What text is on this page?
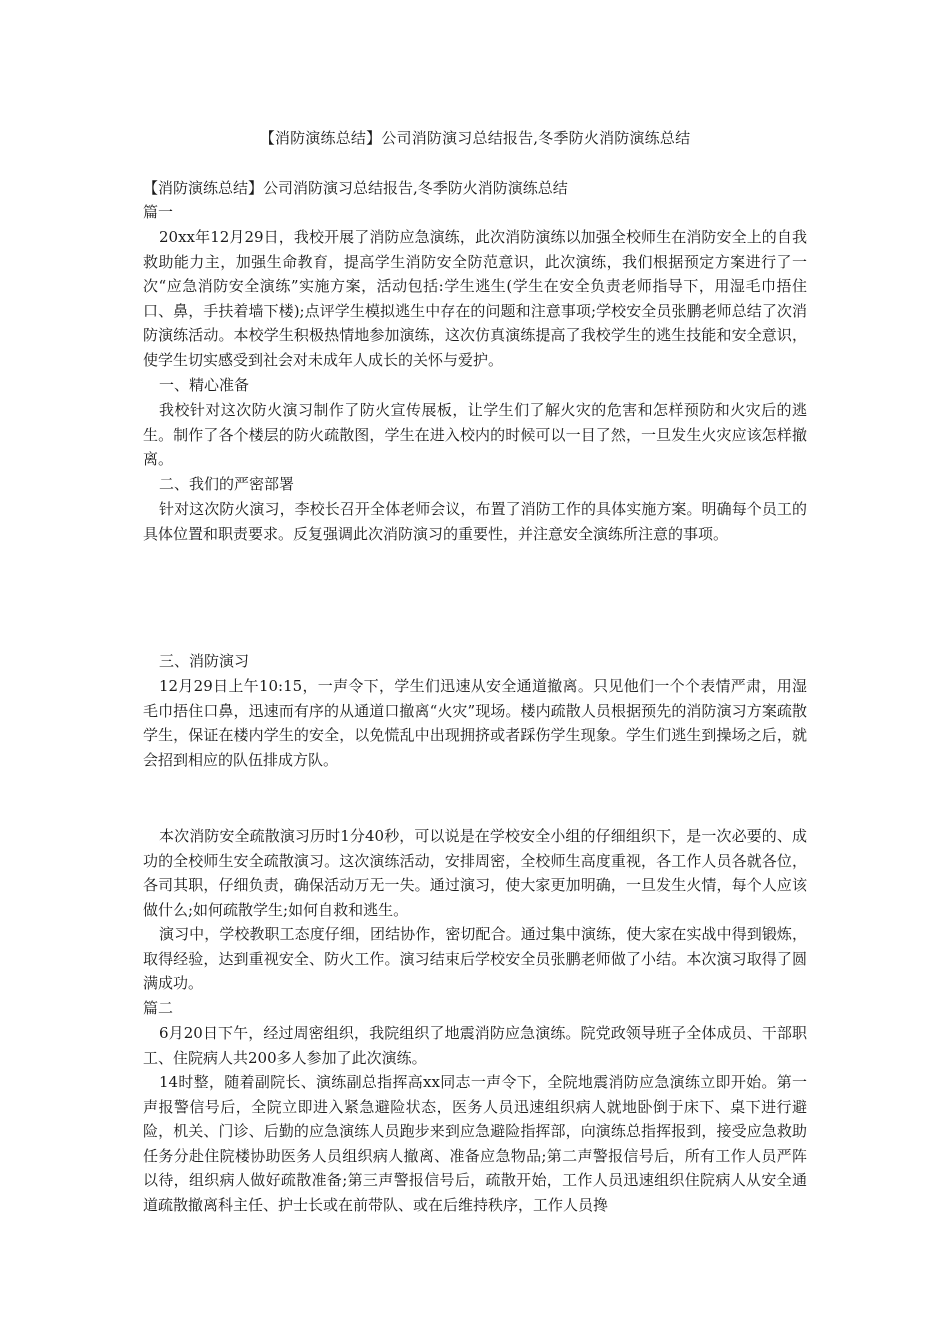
【消防演练总结】公司消防演习总结报告,冬季防火消防演练总结
【消防演练总结】公司消防演习总结报告,冬季防火消防演练总结
篇一

20xx年12月29日，我校开展了消防应急演练，此次消防演练以加强全校师生在消防安全上的自我救助能力主，加强生命教育，提高学生消防安全防范意识，此次演练，我们根据预定方案进行了一次“应急消防安全演练”实施方案，活动包括:学生逃生(学生在安全负责老师指导下，用湿毛巾捂住口、鼻，手扶着墙下楼);点评学生模拟逃生中存在的问题和注意事项;学校安全员张鹏老师总结了次消防演练活动。本校学生积极热情地参加演练，这次仿真演练提高了我校学生的逃生技能和安全意识，使学生切实感受到社会对未成年人成长的关怀与爱护。

一、精心准备

我校针对这次防火演习制作了防火宣传展板，让学生们了解火灾的危害和怎样预防和火灾后的逃生。制作了各个楼层的防火疏散图，学生在进入校内的时候可以一目了然，一旦发生火灾应该怎样撤离。

二、我们的严密部署

针对这次防火演习，李校长召开全体老师会议，布置了消防工作的具体实施方案。明确每个员工的具体位置和职责要求。反复强调此次消防演习的重要性，并注意安全演练所注意的事项。

三、消防演习

12月29日上午10:15，一声令下，学生们迅速从安全通道撤离。只见他们一个个表情严肃，用湿毛巾捂住口鼻，迅速而有序的从通道口撤离“火灾”现场。楼内疏散人员根据预先的消防演习方案疏散学生，保证在楼内学生的安全，以免慌乱中出现拥挤或者踩伤学生现象。学生们逃生到操场之后，就会招到相应的队伍排成方队。

本次消防安全疏散演习历时1分40秒，可以说是在学校安全小组的仔细组织下，是一次必要的、成功的全校师生安全疏散演习。这次演练活动，安排周密，全校师生高度重视，各工作人员各就各位，各司其职，仔细负责，确保活动万无一失。通过演习，使大家更加明确，一旦发生火情，每个人应该做什么;如何疏散学生;如何自救和逃生。

演习中，学校教职工态度仔细，团结协作，密切配合。通过集中演练，使大家在实战中得到锻炼，取得经验，达到重视安全、防火工作。演习结束后学校安全员张鹏老师做了小结。本次演习取得了圆满成功。

篇二

6月20日下午，经过周密组织，我院组织了地震消防应急演练。院党政领导班子全体成员、干部职工、住院病人共200多人参加了此次演练。

14时整，随着副院长、演练副总指挥高xx同志一声令下，全院地震消防应急演练立即开始。第一声报警信号后，全院立即进入紧急避险状态，医务人员迅速组织病人就地卧倒于床下、桌下进行避险，机关、门诊、后勤的应急演练人员跑步来到应急避险指挥部，向演练总指挥报到，接受应急救助任务分赴住院楼协助医务人员组织病人撤离、准备应急物品;第二声警报信号后，所有工作人员严阵以待，组织病人做好疏散准备;第三声警报信号后，疏散开始，工作人员迅速组织住院病人从安全通道疏散撤离科主任、护士长或在前带队、或在后维持秩序，工作人员搀
